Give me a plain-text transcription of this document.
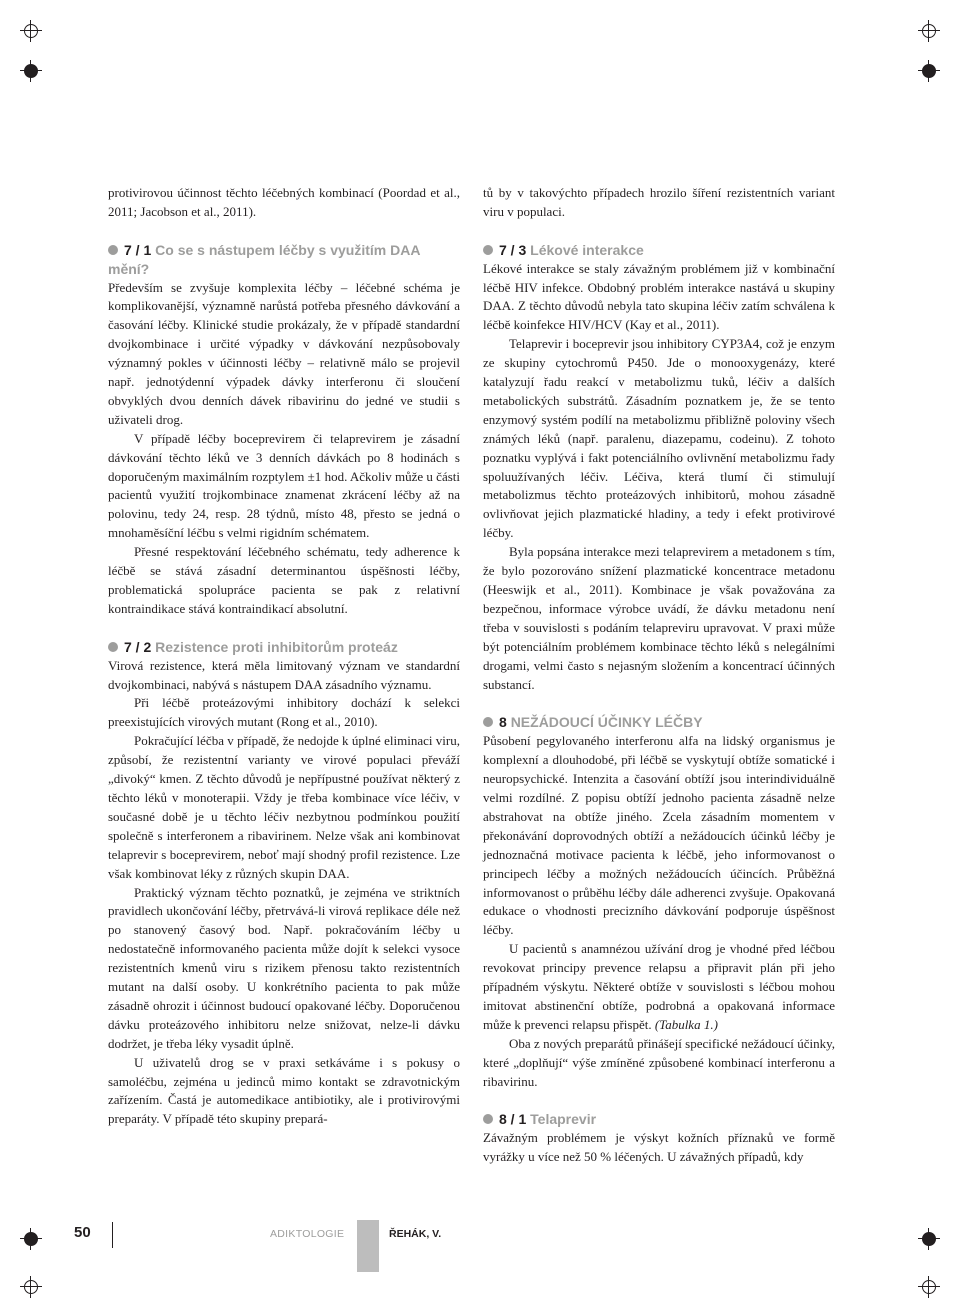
protivirovou účinnost těchto léčebných kombinací (Poordad et al., 2011; Jacobson et al., 2011).

7 / 1 Co se s nástupem léčby s využitím DAA mění?

Především se zvyšuje komplexita léčby – léčebné schéma je komplikovanější, významně narůstá potřeba přesného dávkování a časování léčby. Klinické studie prokázaly, že v případě standardní dvojkombinace i určité výpadky v dávkování nezpůsobovaly významný pokles v účinnosti léčby – relativně málo se projevil např. jednotýdenní výpadek dávky interferonu či sloučení obvyklých dvou denních dávek ribavirinu do jedné ve studii s uživateli drog.

V případě léčby boceprevirem či telaprevirem je zásadní dávkování těchto léků ve 3 denních dávkách po 8 hodinách s doporučeným maximálním rozptylem ±1 hod. Ačkoliv může u části pacientů využití trojkombinace znamenat zkrácení léčby až na polovinu, tedy 24, resp. 28 týdnů, místo 48, přesto se jedná o mnohaměsíční léčbu s velmi rigidním schématem.

Přesné respektování léčebného schématu, tedy adherence k léčbě se stává zásadní determinantou úspěšnosti léčby, problematická spolupráce pacienta se pak z relativní kontraindikace stává kontraindikací absolutní.

7 / 2 Rezistence proti inhibitorům proteáz

Virová rezistence, která měla limitovaný význam ve standardní dvojkombinaci, nabývá s nástupem DAA zásadního významu.

Při léčbě proteázovými inhibitory dochází k selekci preexistujících virových mutant (Rong et al., 2010).

Pokračující léčba v případě, že nedojde k úplné eliminaci viru, způsobí, že rezistentní varianty ve virové populaci převáží „divoký“ kmen. Z těchto důvodů je nepřípustné používat některý z těchto léků v monoterapii. Vždy je třeba kombinace více léčiv, v současné době je u těchto léčiv nezbytnou podmínkou použití společně s interferonem a ribavirinem. Nelze však ani kombinovat telaprevir s boceprevirem, neboť mají shodný profil rezistence. Lze však kombinovat léky z různých skupin DAA.

Praktický význam těchto poznatků, je zejména ve striktních pravidlech ukončování léčby, přetrvává-li virová replikace déle než po stanovený časový bod. Např. pokračováním léčby u nedostatečně informovaného pacienta může dojít k selekci vysoce rezistentních kmenů viru s rizikem přenosu takto rezistentních mutant na další osoby. U konkrétního pacienta to pak může zásadně ohrozit i účinnost budoucí opakované léčby. Doporučenou dávku proteázového inhibitoru nelze snižovat, nelze-li dávku dodržet, je třeba léky vysadit úplně.

U uživatelů drog se v praxi setkáváme i s pokusy o samoléčbu, zejména u jedinců mimo kontakt se zdravotnickým zařízením. Častá je automedikace antibiotiky, ale i protivirovými preparáty. V případě této skupiny prepará-

tů by v takovýchto případech hrozilo šíření rezistentních variant viru v populaci.

7 / 3 Lékové interakce

Lékové interakce se staly závažným problémem již v kombinační léčbě HIV infekce. Obdobný problém interakce nastává u skupiny DAA. Z těchto důvodů nebyla tato skupina léčiv zatím schválena k léčbě koinfekce HIV/HCV (Kay et al., 2011).

Telaprevir i boceprevir jsou inhibitory CYP3A4, což je enzym ze skupiny cytochromů P450. Jde o monooxygenázy, které katalyzují řadu reakcí v metabolizmu tuků, léčiv a dalších metabolických substrátů. Zásadním poznatkem je, že se tento enzymový systém podílí na metabolizmu přibližně poloviny všech známých léků (např. paralenu, diazepamu, codeinu). Z tohoto poznatku vyplývá i fakt potenciálního ovlivnění metabolizmu řady spoluužívaných léčiv. Léčiva, která tlumí či stimulují metabolizmus těchto proteázových inhibitorů, mohou zásadně ovlivňovat jejich plazmatické hladiny, a tedy i efekt protivirové léčby.

Byla popsána interakce mezi telaprevirem a metadonem s tím, že bylo pozorováno snížení plazmatické koncentrace metadonu (Heeswijk et al., 2011). Kombinace je však považována za bezpečnou, informace výrobce uvádí, že dávku metadonu není třeba v souvislosti s podáním telapreviru upravovat. V praxi může být potenciálním problémem kombinace těchto léků s nelegálními drogami, velmi často s nejasným složením a koncentrací účinných substancí.

8 NEŽÁDOUCÍ ÚČINKY LÉČBY

Působení pegylovaného interferonu alfa na lidský organismus je komplexní a dlouhodobé, při léčbě se vyskytují obtíže somatické i neuropsychické. Intenzita a časování obtíží jsou interindividuálně velmi rozdílné. Z popisu obtíží jednoho pacienta zásadně nelze abstrahovat na obtíže jiného. Zcela zásadním momentem v překonávání doprovodných obtíží a nežádoucích účinků léčby je jednoznačná motivace pacienta k léčbě, jeho informovanost o principech léčby a možných nežádoucích účincích. Průběžná informovanost o průběhu léčby dále adherenci zvyšuje. Opakovaná edukace o vhodnosti precizního dávkování podporuje úspěšnost léčby.

U pacientů s anamnézou užívání drog je vhodné před léčbou revokovat principy prevence relapsu a připravit plán při jeho případném výskytu. Některé obtíže v souvislosti s léčbou mohou imitovat abstinenční obtíže, podrobná a opakovaná informace může k prevenci relapsu přispět. (Tabulka 1.)

Oba z nových preparátů přinášejí specifické nežádoucí účinky, které „doplňují“ výše zmíněné způsobené kombinací interferonu a ribavirinu.

8 / 1 Telaprevir

Závažným problémem je výskyt kožních příznaků ve formě vyrážky u více než 50 % léčených. U závažných případů, kdy

50	ADIKTOLOGIE	ŘEHÁK, V.
